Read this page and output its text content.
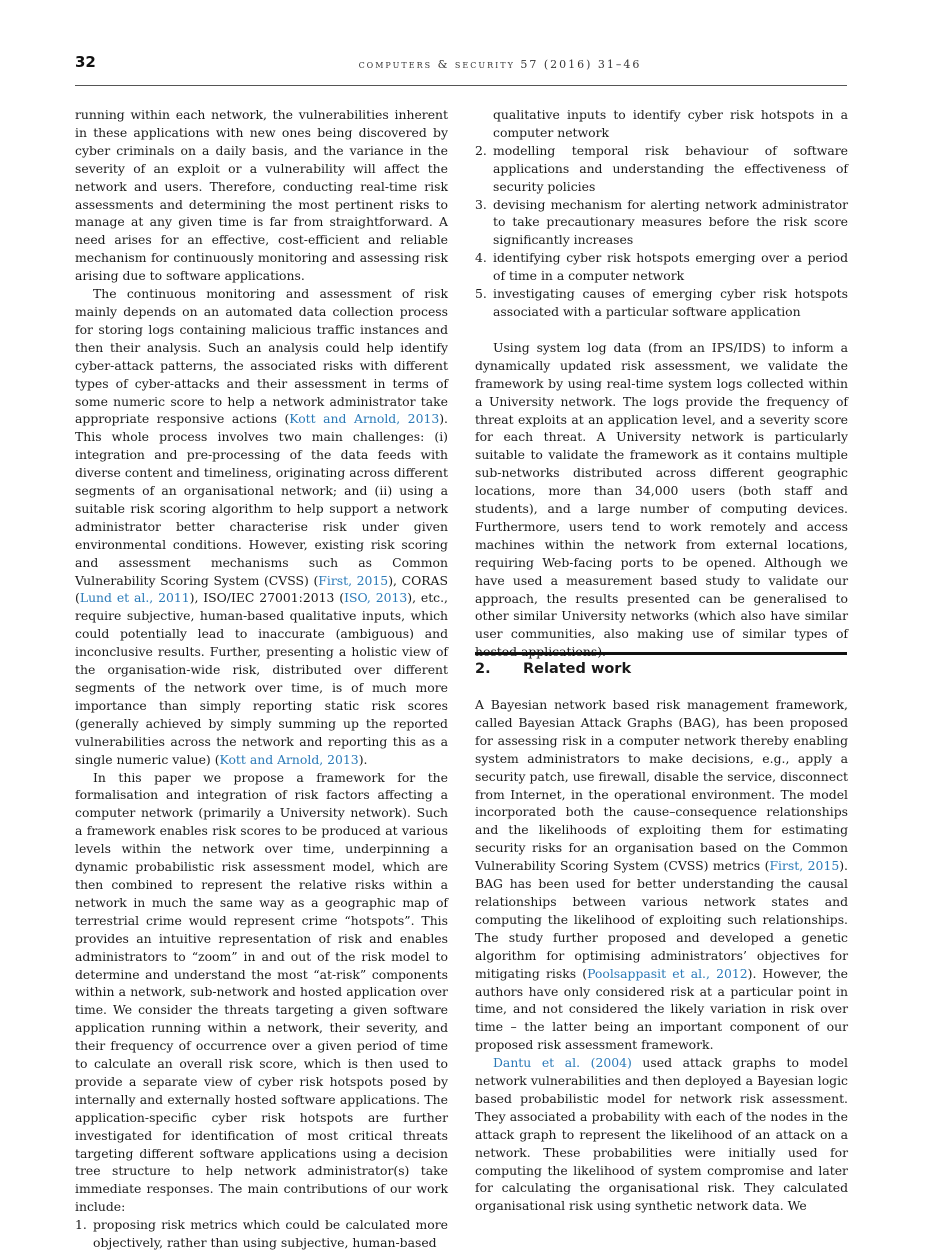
32	computers & security 57 (2016) 31–46

running within each network, the vulnerabilities inherent in these applications with new ones being discovered by cyber criminals on a daily basis, and the variance in the severity of an exploit or a vulnerability will affect the network and users. Therefore, conducting real-time risk assessments and determining the most pertinent risks to manage at any given time is far from straightforward. A need arises for an effective, cost-efficient and reliable mechanism for continuously monitoring and assessing risk arising due to software applications.

The continuous monitoring and assessment of risk mainly depends on an automated data collection process for storing logs containing malicious traffic instances and then their analysis. Such an analysis could help identify cyber-attack patterns, the associated risks with different types of cyber-attacks and their assessment in terms of some numeric score to help a network administrator take appropriate responsive actions (Kott and Arnold, 2013). This whole process involves two main challenges: (i) integration and pre-processing of the data feeds with diverse content and timeliness, originating across different segments of an organisational network; and (ii) using a suitable risk scoring algorithm to help support a network administrator better characterise risk under given environmental conditions. However, existing risk scoring and assessment mechanisms such as Common Vulnerability Scoring System (CVSS) (First, 2015), CORAS (Lund et al., 2011), ISO/IEC 27001:2013 (ISO, 2013), etc., require subjective, human-based qualitative inputs, which could potentially lead to inaccurate (ambiguous) and inconclusive results. Further, presenting a holistic view of the organisation-wide risk, distributed over different segments of the network over time, is of much more importance than simply reporting static risk scores (generally achieved by simply summing up the reported vulnerabilities across the network and reporting this as a single numeric value) (Kott and Arnold, 2013).

In this paper we propose a framework for the formalisation and integration of risk factors affecting a computer network (primarily a University network). Such a framework enables risk scores to be produced at various levels within the network over time, underpinning a dynamic probabilistic risk assessment model, which are then combined to represent the relative risks within a network in much the same way as a geographic map of terrestrial crime would represent crime “hotspots”. This provides an intuitive representation of risk and enables administrators to “zoom” in and out of the risk model to determine and understand the most “at-risk” components within a network, sub-network and hosted application over time. We consider the threats targeting a given software application running within a network, their severity, and their frequency of occurrence over a given period of time to calculate an overall risk score, which is then used to provide a separate view of cyber risk hotspots posed by internally and externally hosted software applications. The application-specific cyber risk hotspots are further investigated for identification of most critical threats targeting different software applications using a decision tree structure to help network administrator(s) take immediate responses. The main contributions of our work include:

1. proposing risk metrics which could be calculated more objectively, rather than using subjective, human-based
qualitative inputs to identify cyber risk hotspots in a computer network
2. modelling temporal risk behaviour of software applications and understanding the effectiveness of security policies
3. devising mechanism for alerting network administrator to take precautionary measures before the risk score significantly increases
4. identifying cyber risk hotspots emerging over a period of time in a computer network
5. investigating causes of emerging cyber risk hotspots associated with a particular software application

Using system log data (from an IPS/IDS) to inform a dynamically updated risk assessment, we validate the framework by using real-time system logs collected within a University network. The logs provide the frequency of threat exploits at an application level, and a severity score for each threat. A University network is particularly suitable to validate the framework as it contains multiple sub-networks distributed across different geographic locations, more than 34,000 users (both staff and students), and a large number of computing devices. Furthermore, users tend to work remotely and access machines within the network from external locations, requiring Web-facing ports to be opened. Although we have used a measurement based study to validate our approach, the results presented can be generalised to other similar University networks (which also have similar user communities, also making use of similar types of hosted applications).

2. Related work

A Bayesian network based risk management framework, called Bayesian Attack Graphs (BAG), has been proposed for assessing risk in a computer network thereby enabling system administrators to make decisions, e.g., apply a security patch, use firewall, disable the service, disconnect from Internet, in the operational environment. The model incorporated both the cause–consequence relationships and the likelihoods of exploiting them for estimating security risks for an organisation based on the Common Vulnerability Scoring System (CVSS) metrics (First, 2015). BAG has been used for better understanding the causal relationships between various network states and computing the likelihood of exploiting such relationships. The study further proposed and developed a genetic algorithm for optimising administrators’ objectives for mitigating risks (Poolsappasit et al., 2012). However, the authors have only considered risk at a particular point in time, and not considered the likely variation in risk over time – the latter being an important component of our proposed risk assessment framework.

Dantu et al. (2004) used attack graphs to model network vulnerabilities and then deployed a Bayesian logic based probabilistic model for network risk assessment. They associated a probability with each of the nodes in the attack graph to represent the likelihood of an attack on a network. These probabilities were initially used for computing the likelihood of system compromise and later for calculating the organisational risk. They calculated organisational risk using synthetic network data. We
